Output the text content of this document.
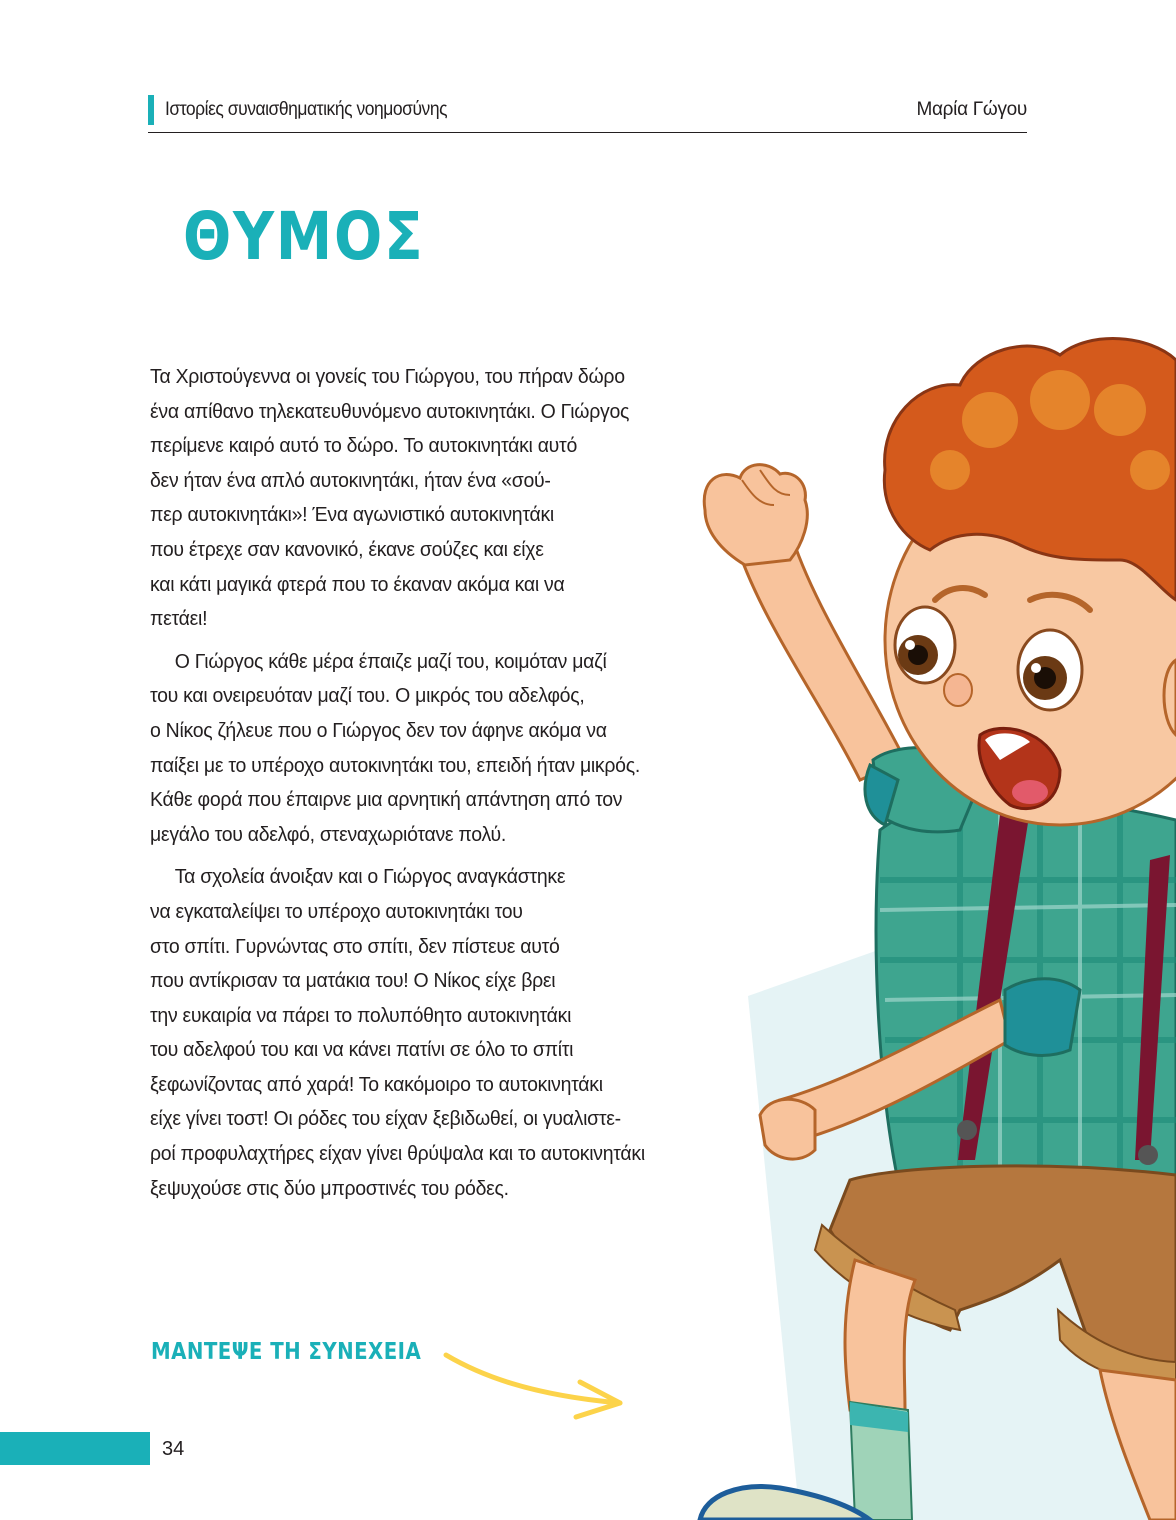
Ιστορίες συναισθηματικής νοημοσύνης	Μαρία Γώγου
ΘΥΜΟΣ
Τα Χριστούγεννα οι γονείς του Γιώργου, του πήραν δώρο
ένα απίθανο τηλεκατευθυνόμενο αυτοκινητάκι. Ο Γιώργος
περίμενε καιρό αυτό το δώρο. Το αυτοκινητάκι αυτό
δεν ήταν ένα απλό αυτοκινητάκι, ήταν ένα «σού-
περ αυτοκινητάκι»! Ένα αγωνιστικό αυτοκινητάκι
που έτρεχε σαν κανονικό, έκανε σούζες και είχε
και κάτι μαγικά φτερά που το έκαναν ακόμα και να
πετάει!
Ο Γιώργος κάθε μέρα έπαιζε μαζί του, κοιμόταν μαζί
του και ονειρευόταν μαζί του. Ο μικρός του αδελφός,
ο Νίκος ζήλευε που ο Γιώργος δεν τον άφηνε ακόμα να
παίξει με το υπέροχο αυτοκινητάκι του, επειδή ήταν μικρός.
Κάθε φορά που έπαιρνε μια αρνητική απάντηση από τον
μεγάλο του αδελφό, στεναχωριότανε πολύ.
Τα σχολεία άνοιξαν και ο Γιώργος αναγκάστηκε
να εγκαταλείψει το υπέροχο αυτοκινητάκι του
στο σπίτι. Γυρνώντας στο σπίτι, δεν πίστευε αυτό
που αντίκρισαν τα ματάκια του! Ο Νίκος είχε βρει
την ευκαιρία να πάρει το πολυπόθητο αυτοκινητάκι
του αδελφού του και να κάνει πατίνι σε όλο το σπίτι
ξεφωνίζοντας από χαρά! Το κακόμοιρο το αυτοκινητάκι
είχε γίνει τοστ! Οι ρόδες του είχαν ξεβιδωθεί, οι γυαλιστε-
ροί προφυλαχτήρες είχαν γίνει θρύψαλα και το αυτοκινητάκι
ξεψυχούσε στις δύο μπροστινές του ρόδες.
ΜΑΝΤΕΨΕ ΤΗ ΣΥΝΕΧΕΙΑ
34
